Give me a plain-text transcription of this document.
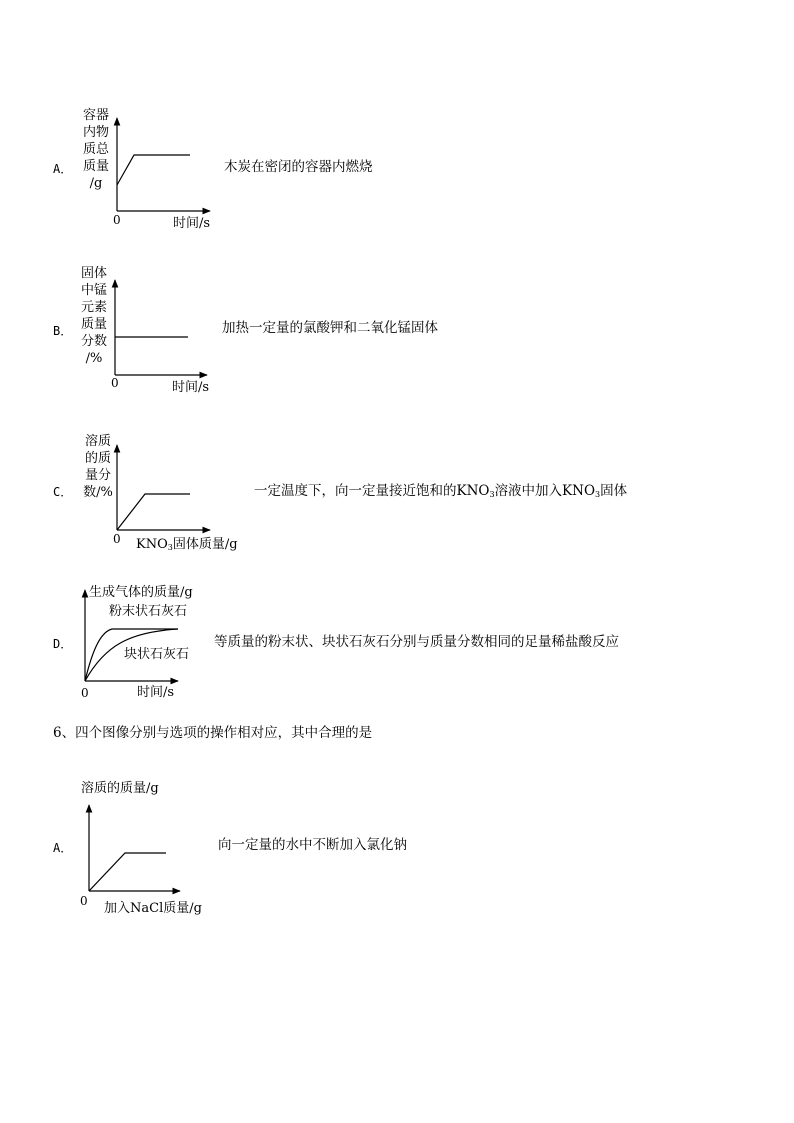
A．
容器
内物
质总
质量
/g
0	时间/s
木炭在密闭的容器内燃烧
B．
固体
中锰
元素
质量
分数
/%
0	时间/s
加热一定量的氯酸钾和二氧化锰固体
C．
溶质
的质
量分
数/%
0 $KNO_3$固体质量/g
一定温度下，向一定量接近饱和的$KNO_3$溶液中加入$KNO_3$固体
D．
生成气体的质量/g
粉末状石灰石
块状石灰石
0	时间/s
等质量的粉末状、块状石灰石分别与质量分数相同的足量稀盐酸反应
6、四个图像分别与选项的操作相对应，其中合理的是
A．
溶质的质量/g
0 加入NaCl质量/g
向一定量的水中不断加入氯化钠
